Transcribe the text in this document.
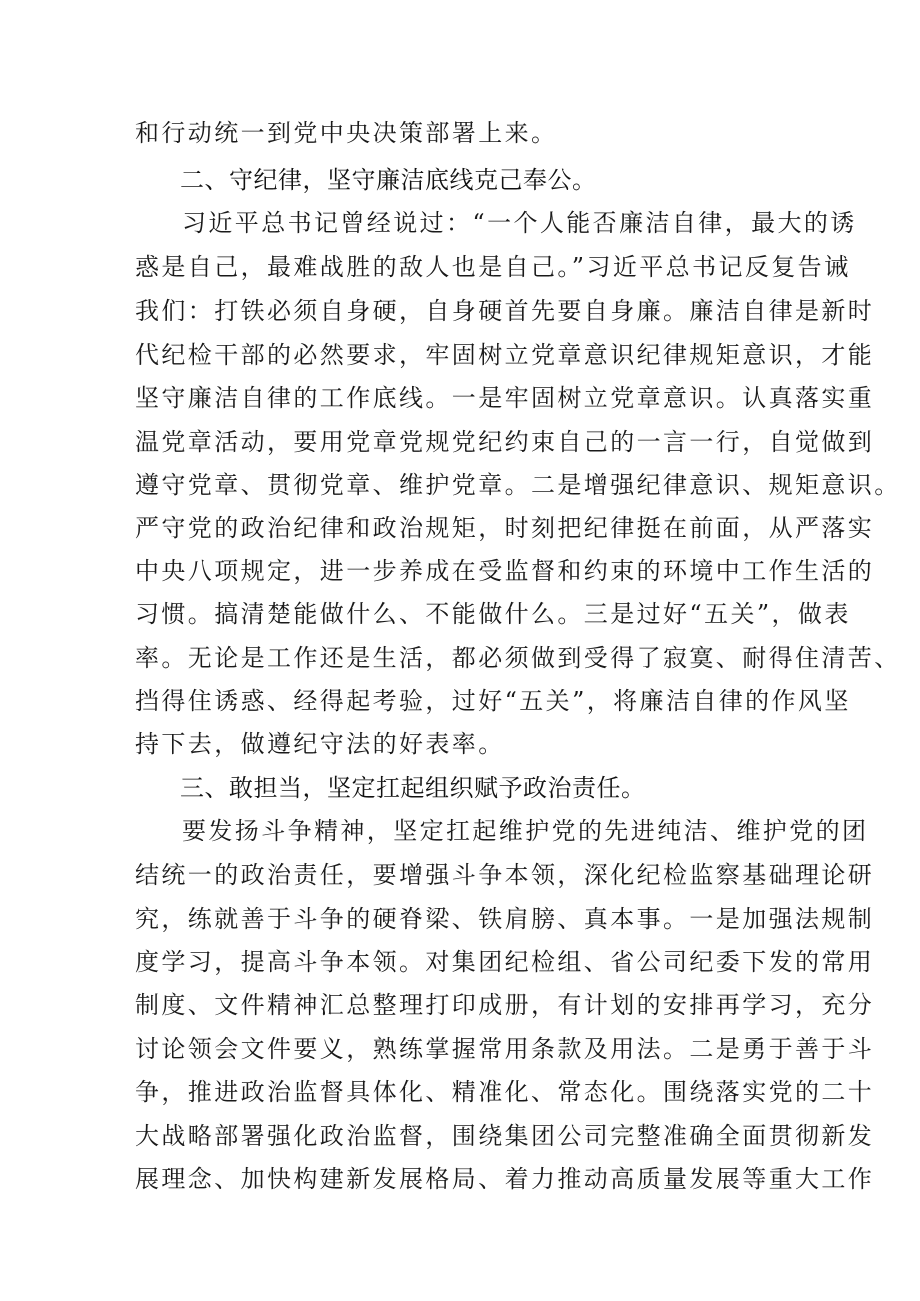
和行动统一到党中央决策部署上来。
二、守纪律，坚守廉洁底线克己奉公。
习近平总书记曾经说过：“一个人能否廉洁自律，最大的诱
惑是自己，最难战胜的敌人也是自己。”习近平总书记反复告诫
我们：打铁必须自身硬，自身硬首先要自身廉。廉洁自律是新时
代纪检干部的必然要求，牢固树立党章意识纪律规矩意识，才能
坚守廉洁自律的工作底线。一是牢固树立党章意识。认真落实重
温党章活动，要用党章党规党纪约束自己的一言一行，自觉做到
遵守党章、贯彻党章、维护党章。二是增强纪律意识、规矩意识。
严守党的政治纪律和政治规矩，时刻把纪律挺在前面，从严落实
中央八项规定，进一步养成在受监督和约束的环境中工作生活的
习惯。搞清楚能做什么、不能做什么。三是过好“五关”，做表
率。无论是工作还是生活，都必须做到受得了寂寞、耐得住清苦、
挡得住诱惑、经得起考验，过好“五关”，将廉洁自律的作风坚
持下去，做遵纪守法的好表率。
三、敢担当，坚定扛起组织赋予政治责任。
要发扬斗争精神，坚定扛起维护党的先进纯洁、维护党的团
结统一的政治责任，要增强斗争本领，深化纪检监察基础理论研
究，练就善于斗争的硬脊梁、铁肩膀、真本事。一是加强法规制
度学习，提高斗争本领。对集团纪检组、省公司纪委下发的常用
制度、文件精神汇总整理打印成册，有计划的安排再学习，充分
讨论领会文件要义，熟练掌握常用条款及用法。二是勇于善于斗
争，推进政治监督具体化、精准化、常态化。围绕落实党的二十
大战略部署强化政治监督，围绕集团公司完整准确全面贯彻新发
展理念、加快构建新发展格局、着力推动高质量发展等重大工作
